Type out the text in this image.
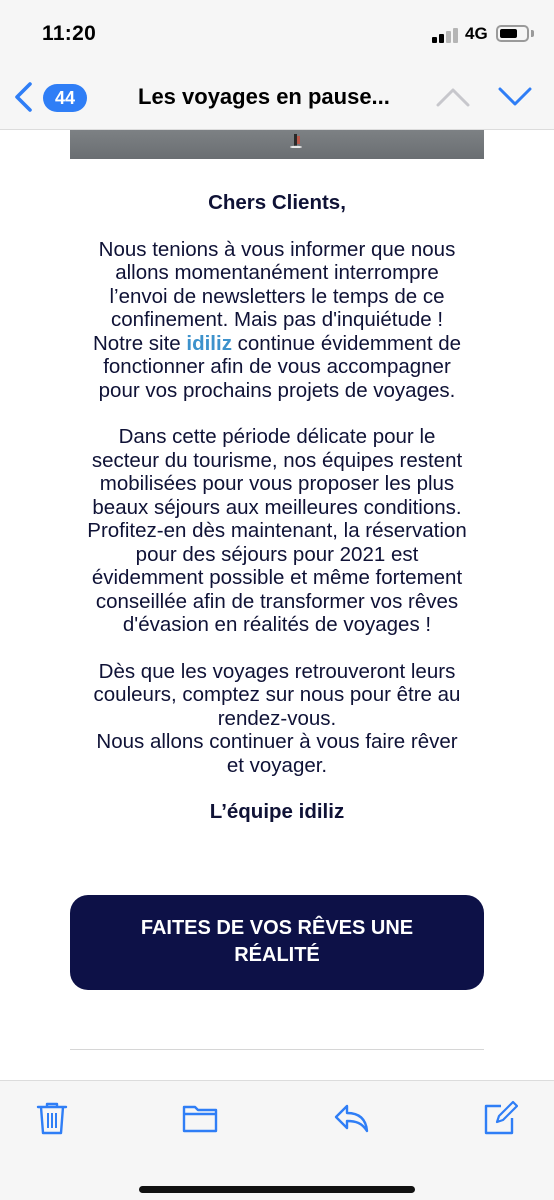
11:20	4G
44	Les voyages en pause...
Chers Clients,
Nous tenions à vous informer que nous
allons momentanément interrompre
l’envoi de newsletters le temps de ce
confinement. Mais pas d'inquiétude !
Notre site idiliz continue évidemment de
fonctionner afin de vous accompagner
pour vos prochains projets de voyages.
Dans cette période délicate pour le
secteur du tourisme, nos équipes restent
mobilisées pour vous proposer les plus
beaux séjours aux meilleures conditions.
Profitez-en dès maintenant, la réservation
pour des séjours pour 2021 est
évidemment possible et même fortement
conseillée afin de transformer vos rêves
d'évasion en réalités de voyages !
Dès que les voyages retrouveront leurs
couleurs, comptez sur nous pour être au
rendez-vous.
Nous allons continuer à vous faire rêver
et voyager.
L’équipe idiliz
FAITES DE VOS RÊVES UNE
RÉALITÉ
